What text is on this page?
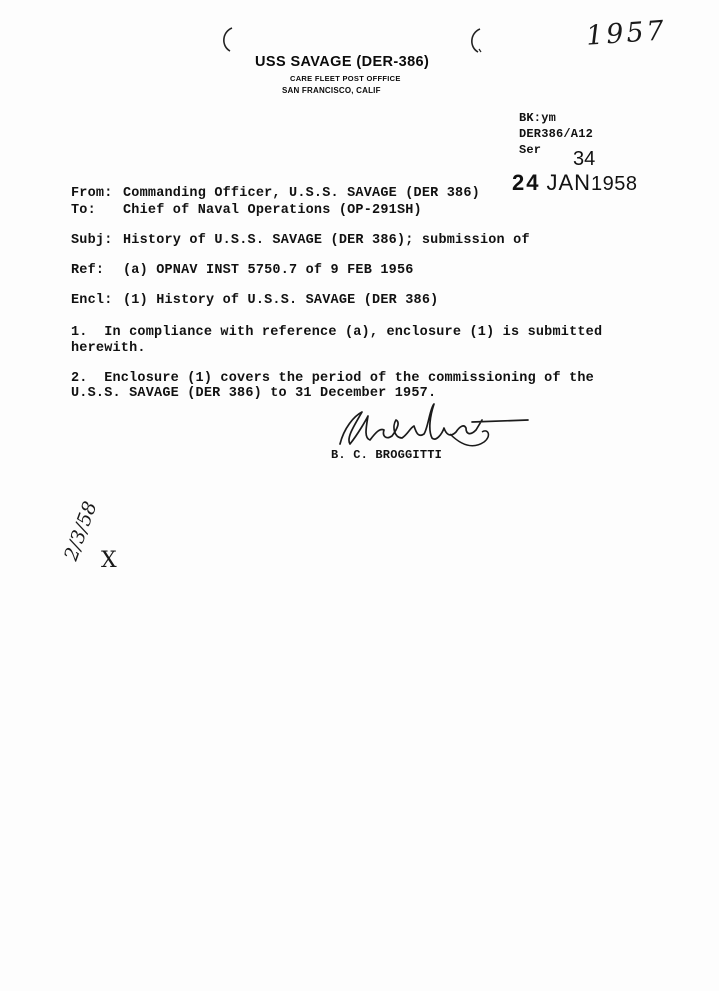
1957
USS SAVAGE (DER-386)
CARE FLEET POST OFFFICE
SAN FRANCISCO, CALIF
BK:ym
DER386/A12
Ser 34
24 JAN1958
From: Commanding Officer, U.S.S. SAVAGE (DER 386)
To: Chief of Naval Operations (OP-291SH)
Subj: History of U.S.S. SAVAGE (DER 386); submission of
Ref: (a) OPNAV INST 5750.7 of 9 FEB 1956
Encl: (1) History of U.S.S. SAVAGE (DER 386)
1.  In compliance with reference (a), enclosure (1) is submitted
herewith.
2.  Enclosure (1) covers the period of the commissioning of the
U.S.S. SAVAGE (DER 386) to 31 December 1957.
B. C. BROGGITTI
2/3/58 X
